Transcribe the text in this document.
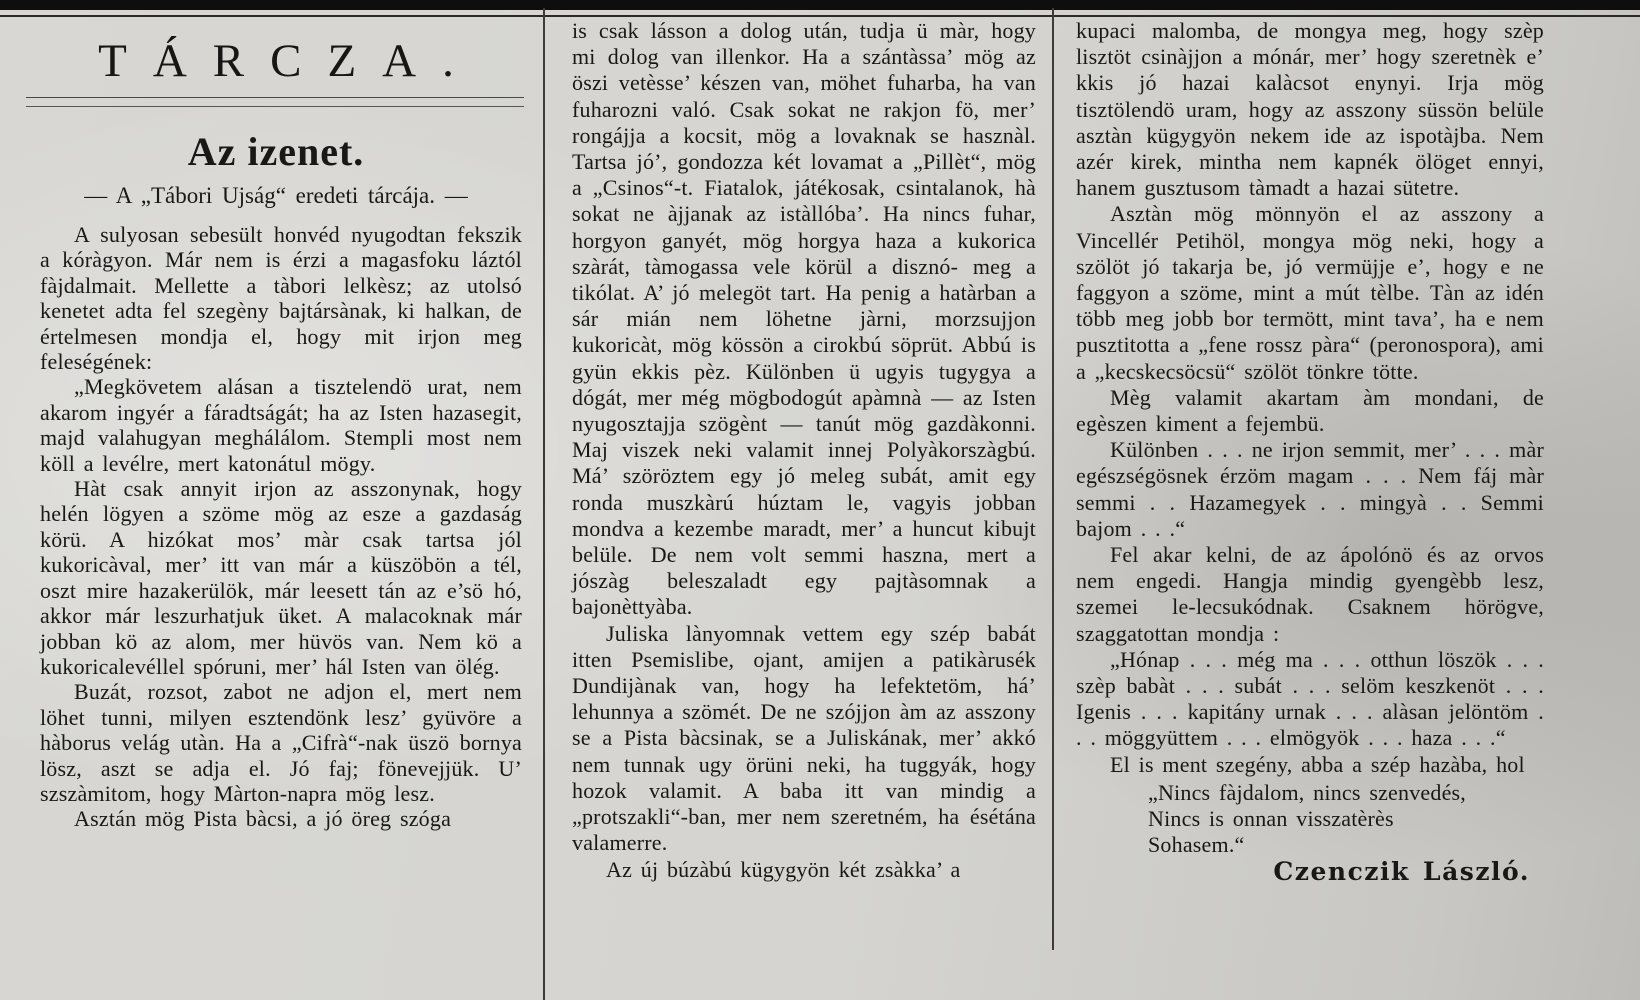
TÁRCZA.
Az izenet.
— A „Tábori Ujság“ eredeti tárcája. —

A sulyosan sebesült honvéd nyugodtan fekszik a kóràgyon. Már nem is érzi a magasfoku láztól fàjdalmait. Mellette a tàbori lelkèsz; az utolsó kenetet adta fel szegèny bajtársànak, ki halkan, de értelmesen mondja el, hogy mit irjon meg feleségének:

„Megkövetem alásan a tisztelendö urat, nem akarom ingyér a fáradtságát; ha az Isten hazasegit, majd valahugyan meghálálom. Stempli most nem köll a levélre, mert katonátul mögy.

Hàt csak annyit irjon az asszonynak, hogy helén lögyen a szöme mög az esze a gazdaság körü. A hizókat mos’ màr csak tartsa jól kukoricàval, mer’ itt van már a küszöbön a tél, oszt mire hazakerülök, már leesett tán az e’sö hó, akkor már leszurhatjuk üket. A malacoknak már jobban kö az alom, mer hüvös van. Nem kö a kukoricalevéllel spóruni, mer’ hál Isten van ölég.

Buzát, rozsot, zabot ne adjon el, mert nem löhet tunni, milyen esztendönk lesz’ gyüvöre a hàborus velág utàn. Ha a „Cifrà“-nak üszö bornya lösz, aszt se adja el. Jó faj; fönevejjük. U’ szszàmitom, hogy Màrton-napra mög lesz.

Asztán mög Pista bàcsi, a jó öreg szóga

is csak lásson a dolog után, tudja ü màr, hogy mi dolog van illenkor. Ha a szántàssa’ mög az öszi vetèsse’ készen van, möhet fuharba, ha van fuharozni való. Csak sokat ne rakjon fö, mer’ rongájja a kocsit, mög a lovaknak se hasznàl. Tartsa jó’, gondozza két lovamat a „Pillèt“, mög a „Csinos“-t. Fiatalok, játékosak, csintalanok, hà sokat ne àjjanak az istàllóba’. Ha nincs fuhar, horgyon ganyét, mög horgya haza a kukorica szàrát, tàmogassa vele körül a disznó- meg a tikólat. A’ jó melegöt tart. Ha penig a hatàrban a sár mián nem löhetne jàrni, morzsujjon kukoricàt, mög kössön a cirokbú söprüt. Abbú is gyün ekkis pèz. Különben ü ugyis tugygya a dógát, mer még mögbodogút apàmnà — az Isten nyugosztajja szögènt — tanút mög gazdàkonni. Maj viszek neki valamit innej Polyàkorszàgbú. Má’ szöröztem egy jó meleg subát, amit egy ronda muszkàrú húztam le, vagyis jobban mondva a kezembe maradt, mer’ a huncut kibujt belüle. De nem volt semmi haszna, mert a jószàg beleszaladt egy pajtàsomnak a bajonèttyàba.

Juliska lànyomnak vettem egy szép babát itten Psemislibe, ojant, amijen a patikàrusék Dundijànak van, hogy ha lefektetöm, há’ lehunnya a szömét. De ne szójjon àm az asszony se a Pista bàcsinak, se a Juliskának, mer’ akkó nem tunnak ugy örüni neki, ha tuggyák, hogy hozok valamit. A baba itt van mindig a „protszakli“-ban, mer nem szeretném, ha ésétána valamerre.

Az új búzàbú kügygyön két zsàkka’ a

kupaci malomba, de mongya meg, hogy szèp lisztöt csinàjjon a mónár, mer’ hogy szeretnèk e’ kkis jó hazai kalàcsot enynyi. Irja mög tisztölendö uram, hogy az asszony süssön belüle asztàn kügygyön nekem ide az ispotàjba. Nem azér kirek, mintha nem kapnék ölöget ennyi, hanem gusztusom tàmadt a hazai sütetre.

Asztàn mög mönnyön el az asszony a Vincellér Petihöl, mongya mög neki, hogy a szölöt jó takarja be, jó vermüjje e’, hogy e ne faggyon a szöme, mint a mút tèlbe. Tàn az idén több meg jobb bor termött, mint tava’, ha e nem pusztitotta a „fene rossz pàra“ (peronospora), ami a „kecskecsöcsü“ szölöt tönkre tötte.

Mèg valamit akartam àm mondani, de egèszen kiment a fejembü.

Különben . . . ne irjon semmit, mer’ . . . màr egészségösnek érzöm magam . . . Nem fáj màr semmi . . Hazamegyek . . mingyà . . Semmi bajom . . .“

Fel akar kelni, de az ápolónö és az orvos nem engedi. Hangja mindig gyengèbb lesz, szemei le-lecsukódnak. Csaknem hörögve, szaggatottan mondja :

„Hónap . . . még ma . . . otthun löszök . . . szèp babàt . . . subát . . . selöm keszkenöt . . . Igenis . . . kapitány urnak . . . alàsan jelöntöm . . . möggyüttem . . . elmögyök . . . haza . . .“

El is ment szegény, abba a szép hazàba, hol

„Nincs fàjdalom, nincs szenvedés,
Nincs is onnan visszatèrès
Sohasem.“

Czenczik László.
